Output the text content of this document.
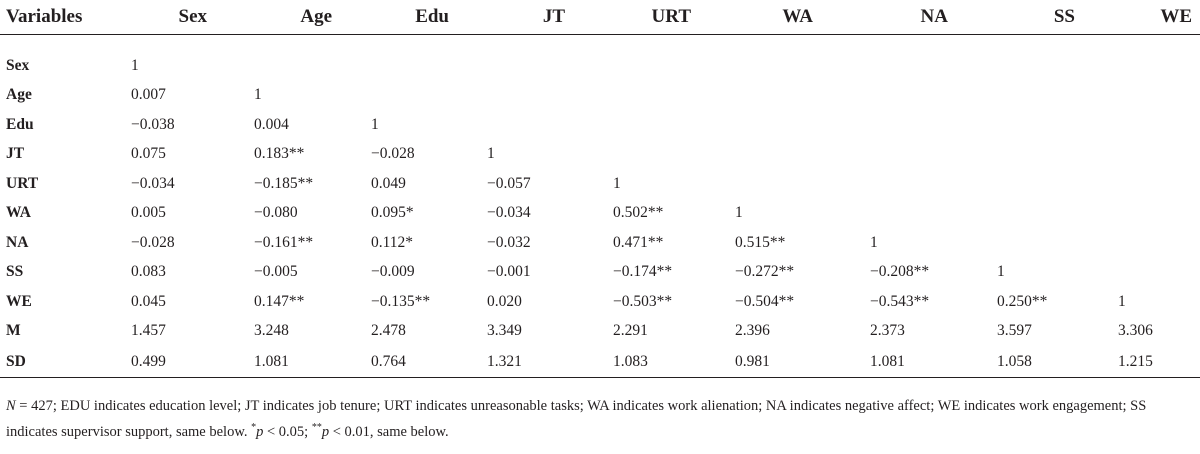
Variables	Sex	Age	Edu	JT	URT	WA	NA	SS	WE

Sex	1								
Age	0.007	1							
Edu	−0.038	0.004	1						
JT	0.075	0.183**	−0.028	1					
URT	−0.034	−0.185**	0.049	−0.057	1				
WA	0.005	−0.080	0.095*	−0.034	0.502**	1			
NA	−0.028	−0.161**	0.112*	−0.032	0.471**	0.515**	1		
SS	0.083	−0.005	−0.009	−0.001	−0.174**	−0.272**	−0.208**	1	
WE	0.045	0.147**	−0.135**	0.020	−0.503**	−0.504**	−0.543**	0.250**	1
M	1.457	3.248	2.478	3.349	2.291	2.396	2.373	3.597	3.306
SD	0.499	1.081	0.764	1.321	1.083	0.981	1.081	1.058	1.215
N = 427; EDU indicates education level; JT indicates job tenure; URT indicates unreasonable tasks; WA indicates work alienation; NA indicates negative affect; WE indicates work engagement; SS indicates supervisor support, same below. *p < 0.05; **p < 0.01, same below.
